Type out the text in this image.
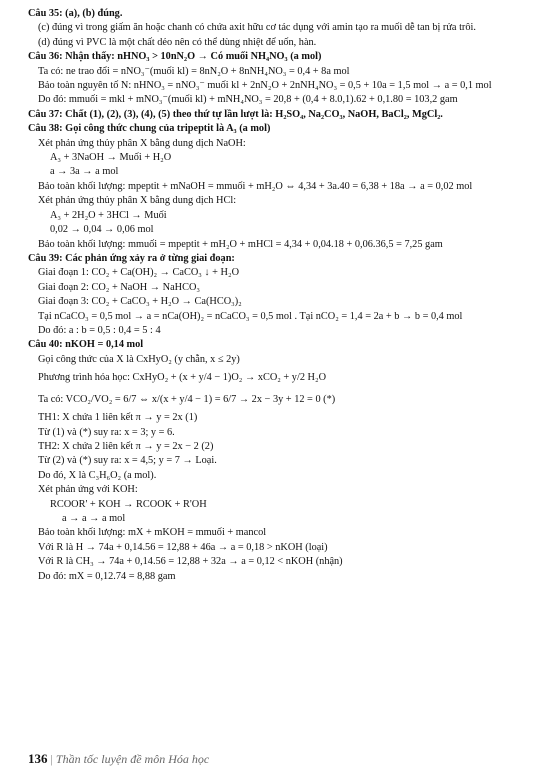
Câu 35: (a), (b) đúng.
(c) đúng vì trong giấm ăn hoặc chanh có chứa axit hữu cơ tác dụng với amin tạo ra muối dễ tan bị rửa trôi.
(d) đúng vì PVC là một chất dẻo nên có thể dùng nhiệt để uốn, hàn.
Câu 36: Nhận thấy: nHNO₃ > 10nN₂O → Có muối NH₄NO₃ (a mol)
Ta có: ne trao đổi = nNO₃⁻(muối kl) = 8nN₂O + 8nNH₄NO₃ = 0,4 + 8a mol
Bảo toàn nguyên tố N: nHNO₃ = nNO₃⁻ muối kl + 2nN₂O + 2nNH₄NO₃ = 0,5 + 10a = 1,5 mol → a = 0,1 mol
Do đó: mmuối = mkl + mNO₃⁻(muối kl) + mNH₄NO₃ = 20,8 + (0,4 + 8.0,1).62 + 0,1.80 = 103,2 gam
Câu 37: Chất (1), (2), (3), (4), (5) theo thứ tự lần lượt là: H₂SO₄, Na₂CO₃, NaOH, BaCl₂, MgCl₂.
Câu 38: Gọi công thức chung của tripeptit là A₃ (a mol)
Xét phản ứng thủy phân X bằng dung dịch NaOH:
A₃ + 3NaOH → Muối + H₂O
a → 3a → a mol
Bảo toàn khối lượng: mpeptit + mNaOH = mmuối + mH₂O ⇔ 4,34 + 3a.40 = 6,38 + 18a → a = 0,02 mol
Xét phản ứng thủy phân X bằng dung dịch HCl:
A₃ + 2H₂O + 3HCl → Muối
0,02 → 0,04 → 0,06 mol
Bảo toàn khối lượng: mmuối = mpeptit + mH₂O + mHCl = 4,34 + 0,04.18 + 0,06.36,5 = 7,25 gam
Câu 39: Các phản ứng xảy ra ở từng giai đoạn:
Giai đoạn 1: CO₂ + Ca(OH)₂ → CaCO₃ ↓ + H₂O
Giai đoạn 2: CO₂ + NaOH → NaHCO₃
Giai đoạn 3: CO₂ + CaCO₃ + H₂O → Ca(HCO₃)₂
Tại nCaCO₃ = 0,5 mol → a = nCa(OH)₂ = nCaCO₃ = 0,5 mol . Tại nCO₂ = 1,4 = 2a + b → b = 0,4 mol
Do đó: a : b = 0,5 : 0,4 = 5 : 4
Câu 40: nKOH = 0,14 mol
Gọi công thức của X là CxHyO₂ (y chẵn, x ≤ 2y)
Phương trình hóa học: CxHyO₂ + (x + y/4 − 1)O₂ → xCO₂ + y/2 H₂O
Ta có: VCO₂/VO₂ = 6/7 ⇔ x/(x + y/4 − 1) = 6/7 → 2x − 3y + 12 = 0 (*)
TH1: X chứa 1 liên kết π → y = 2x (1)
Từ (1) và (*) suy ra: x = 3; y = 6.
TH2: X chứa 2 liên kết π → y = 2x − 2 (2)
Từ (2) và (*) suy ra: x = 4,5; y = 7 → Loại.
Do đó, X là C₃H₆O₂ (a mol).
Xét phản ứng với KOH:
RCOOR' + KOH → RCOOK + R'OH
a → a → a mol
Bảo toàn khối lượng: mX + mKOH = mmuối + mancol
Với R là H → 74a + 0,14.56 = 12,88 + 46a → a = 0,18 > nKOH (loại)
Với R là CH₃ → 74a + 0,14.56 = 12,88 + 32a → a = 0,12 < nKOH (nhận)
Do đó: mX = 0,12.74 = 8,88 gam
136 | Thần tốc luyện đề môn Hóa học
